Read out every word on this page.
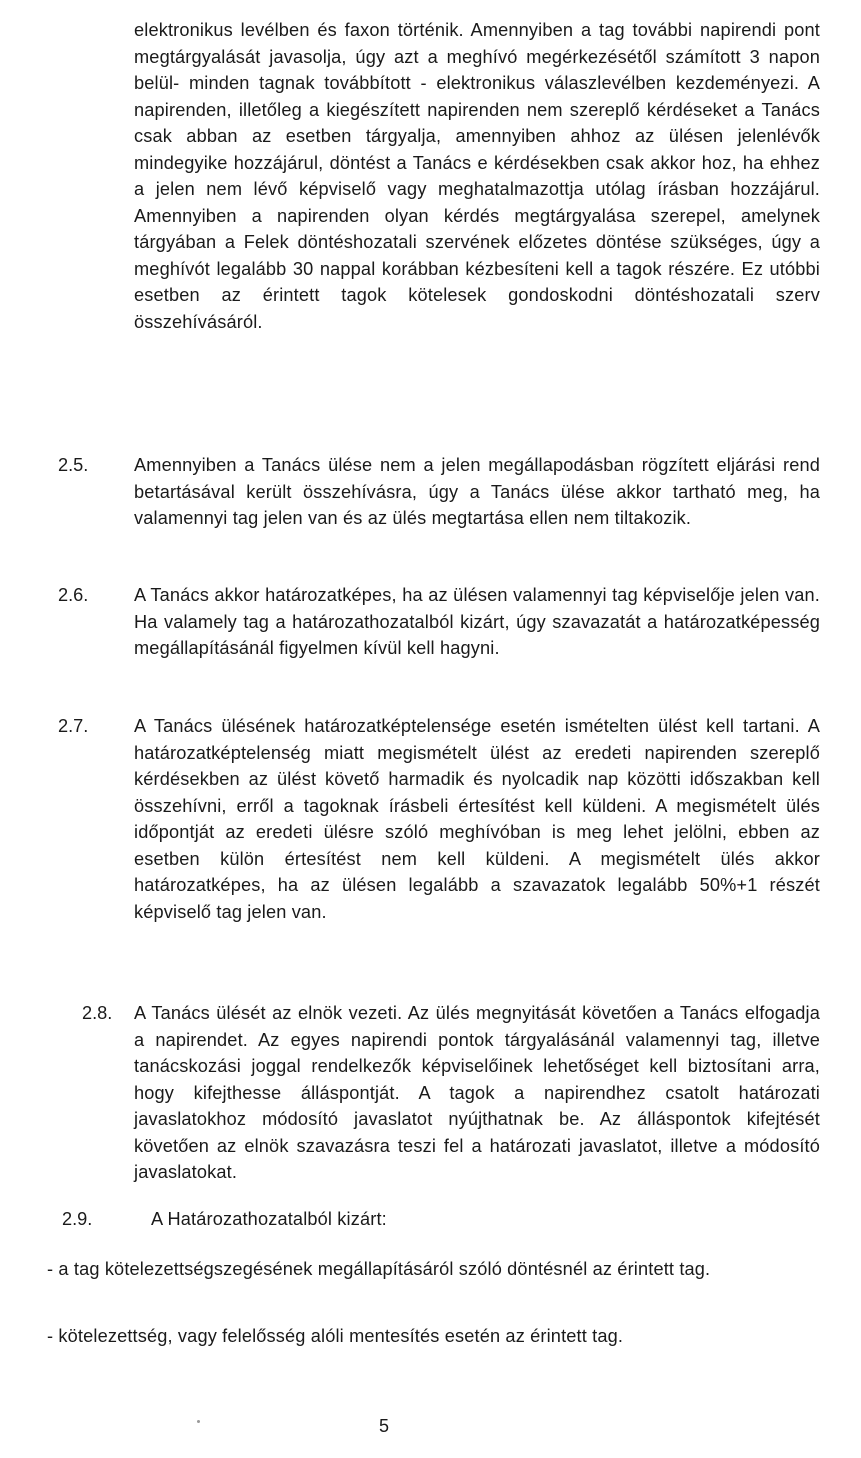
elektronikus levélben és faxon történik. Amennyiben a tag további napirendi pont megtárgyalását javasolja, úgy azt a meghívó megérkezésétől számított 3 napon belül- minden tagnak továbbított - elektronikus válaszlevélben kezdeményezi. A napirenden, illetőleg a kiegészített napirenden nem szereplő kérdéseket a Tanács csak abban az esetben tárgyalja, amennyiben ahhoz az ülésen jelenlévők mindegyike hozzájárul, döntést a Tanács e kérdésekben csak akkor hoz, ha ehhez a jelen nem lévő képviselő vagy meghatalmazottja utólag írásban hozzájárul. Amennyiben a napirenden olyan kérdés megtárgyalása szerepel, amelynek tárgyában a Felek döntéshozatali szervének előzetes döntése szükséges, úgy a meghívót legalább 30 nappal korábban kézbesíteni kell a tagok részére. Ez utóbbi esetben az érintett tagok kötelesek gondoskodni döntéshozatali szerv összehívásáról.

2.5.	Amennyiben a Tanács ülése nem a jelen megállapodásban rögzített eljárási rend betartásával került összehívásra, úgy a Tanács ülése akkor tartható meg, ha valamennyi tag jelen van és az ülés megtartása ellen nem tiltakozik.

2.6.	A Tanács akkor határozatképes, ha az ülésen valamennyi tag képviselője jelen van. Ha valamely tag a határozathozatalból kizárt, úgy szavazatát a határozatképesség megállapításánál figyelmen kívül kell hagyni.

2.7.	A Tanács ülésének határozatképtelensége esetén ismételten ülést kell tartani. A határozatképtelenség miatt megismételt ülést az eredeti napirenden szereplő kérdésekben az ülést követő harmadik és nyolcadik nap közötti időszakban kell összehívni, erről a tagoknak írásbeli értesítést kell küldeni. A megismételt ülés időpontját az eredeti ülésre szóló meghívóban is meg lehet jelölni, ebben az esetben külön értesítést nem kell küldeni. A megismételt ülés akkor határozatképes, ha az ülésen legalább a szavazatok legalább 50%+1 részét képviselő tag jelen van.

2.8. A Tanács ülését az elnök vezeti. Az ülés megnyitását követően a Tanács elfogadja a napirendet. Az egyes napirendi pontok tárgyalásánál valamennyi tag, illetve tanácskozási joggal rendelkezők képviselőinek lehetőséget kell biztosítani arra, hogy kifejthesse álláspontját. A tagok a napirendhez csatolt határozati javaslatokhoz módosító javaslatot nyújthatnak be. Az álláspontok kifejtését követően az elnök szavazásra teszi fel a határozati javaslatot, illetve a módosító javaslatokat.

2.9.	A Határozathozatalból kizárt:

- a tag kötelezettségszegésének megállapításáról szóló döntésnél az érintett tag.

- kötelezettség, vagy felelősség alóli mentesítés esetén az érintett tag.

5
